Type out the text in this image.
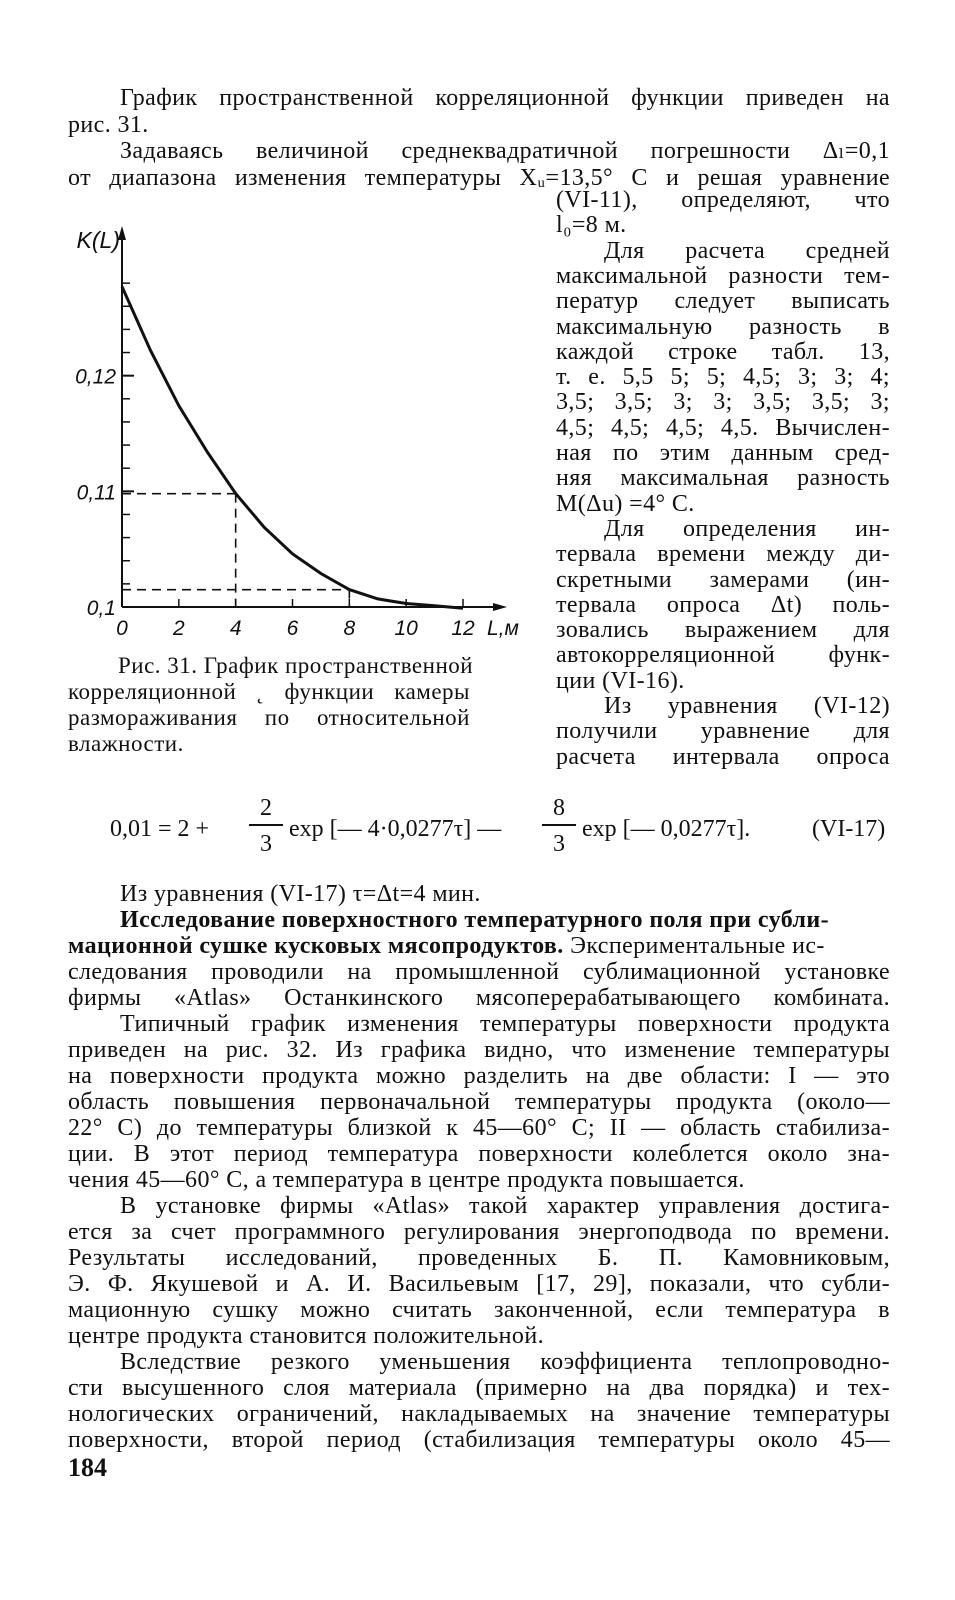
График пространственной корреляционной функции приведен на
рис. 31.
Задаваясь величиной среднеквадратичной погрешности Δₗ=0,1
от диапазона изменения температуры Xᵤ=13,5° С и решая уравнение
0 2 4 6 8 10 12
0,1
0,11
0,12
K(L)
L,м
Рис. 31. График пространственной
корреляционной ˛ функции камеры
размораживания по относительной
влажности.
(VI-11), определяют, что
l₀=8 м.
Для расчета средней
максимальной разности тем-
ператур следует выписать
максимальную разность в
каждой строке табл. 13,
т. е. 5,5 5; 5; 4,5; 3; 3; 4;
3,5; 3,5; 3; 3; 3,5; 3,5; 3;
4,5; 4,5; 4,5; 4,5. Вычислен-
ная по этим данным сред-
няя максимальная разность
M(Δu) =4° С.
Для определения ин-
тервала времени между ди-
скретными замерами (ин-
тервала опроса Δt) поль-
зовались выражением для
автокорреляционной функ-
ции (VI-16).
Из уравнения (VI-12)
получили уравнение для
расчета интервала опроса
0,01 = 2 +
2
3
exp [— 4·0,0277τ] —
8
3
exp [— 0,0277τ].	(VI-17)
Из уравнения (VI-17) τ=Δt=4 мин.
Исследование поверхностного температурного поля при субли-
мационной сушке кусковых мясопродуктов. Экспериментальные ис-
следования проводили на промышленной сублимационной установке
фирмы «Atlas» Останкинского мясоперерабатывающего комбината.
Типичный график изменения температуры поверхности продукта
приведен на рис. 32. Из графика видно, что изменение температуры
на поверхности продукта можно разделить на две области: I — это
область повышения первоначальной температуры продукта (около—
22° С) до температуры близкой к 45—60° С; II — область стабилиза-
ции. В этот период температура поверхности колеблется около зна-
чения 45—60° С, а температура в центре продукта повышается.
В установке фирмы «Atlas» такой характер управления достига-
ется за счет программного регулирования энергоподвода по времени.
Результаты исследований, проведенных Б. П. Камовниковым,
Э. Ф. Якушевой и А. И. Васильевым [17, 29], показали, что субли-
мационную сушку можно считать законченной, если температура в
центре продукта становится положительной.
Вследствие резкого уменьшения коэффициента теплопроводно-
сти высушенного слоя материала (примерно на два порядка) и тех-
нологических ограничений, накладываемых на значение температуры
поверхности, второй период (стабилизация температуры около 45—
184
